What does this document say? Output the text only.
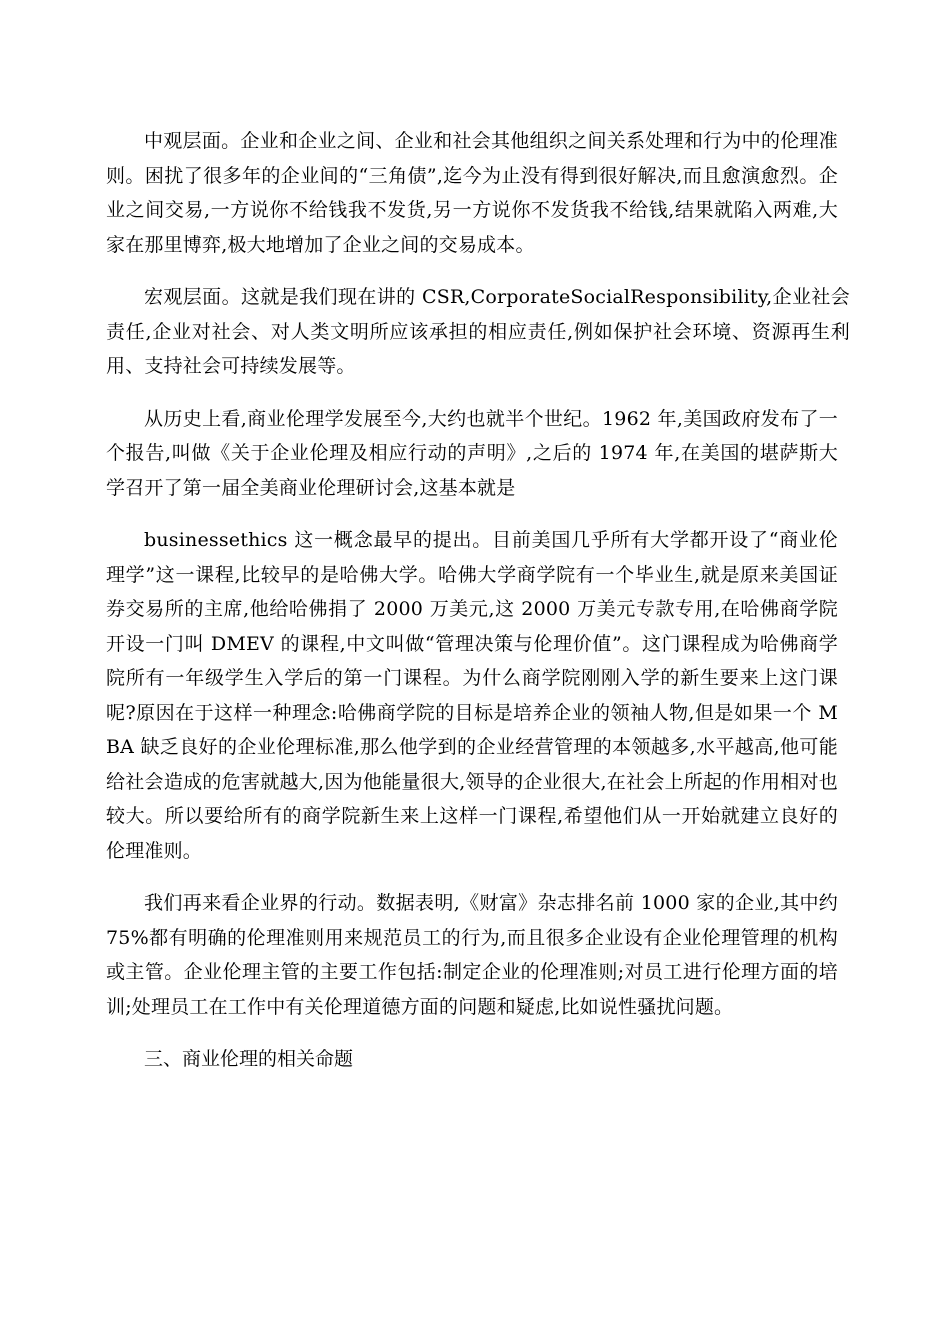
中观层面。企业和企业之间、企业和社会其他组织之间关系处理和行为中的伦理准则。困扰了很多年的企业间的“三角债”,迄今为止没有得到很好解决,而且愈演愈烈。企业之间交易,一方说你不给钱我不发货,另一方说你不发货我不给钱,结果就陷入两难,大家在那里博弈,极大地增加了企业之间的交易成本。

宏观层面。这就是我们现在讲的 CSR,CorporateSocialResponsibility,企业社会责任,企业对社会、对人类文明所应该承担的相应责任,例如保护社会环境、资源再生利用、支持社会可持续发展等。

从历史上看,商业伦理学发展至今,大约也就半个世纪。1962 年,美国政府发布了一个报告,叫做《关于企业伦理及相应行动的声明》,之后的 1974 年,在美国的堪萨斯大学召开了第一届全美商业伦理研讨会,这基本就是

businessethics 这一概念最早的提出。目前美国几乎所有大学都开设了“商业伦理学”这一课程,比较早的是哈佛大学。哈佛大学商学院有一个毕业生,就是原来美国证券交易所的主席,他给哈佛捐了 2000 万美元,这 2000 万美元专款专用,在哈佛商学院开设一门叫 DMEV 的课程,中文叫做“管理决策与伦理价值”。这门课程成为哈佛商学院所有一年级学生入学后的第一门课程。为什么商学院刚刚入学的新生要来上这门课呢?原因在于这样一种理念:哈佛商学院的目标是培养企业的领袖人物,但是如果一个 MBA 缺乏良好的企业伦理标准,那么他学到的企业经营管理的本领越多,水平越高,他可能给社会造成的危害就越大,因为他能量很大,领导的企业很大,在社会上所起的作用相对也较大。所以要给所有的商学院新生来上这样一门课程,希望他们从一开始就建立良好的伦理准则。

我们再来看企业界的行动。数据表明,《财富》杂志排名前 1000 家的企业,其中约 75%都有明确的伦理准则用来规范员工的行为,而且很多企业设有企业伦理管理的机构或主管。企业伦理主管的主要工作包括:制定企业的伦理准则;对员工进行伦理方面的培训;处理员工在工作中有关伦理道德方面的问题和疑虑,比如说性骚扰问题。

三、商业伦理的相关命题
